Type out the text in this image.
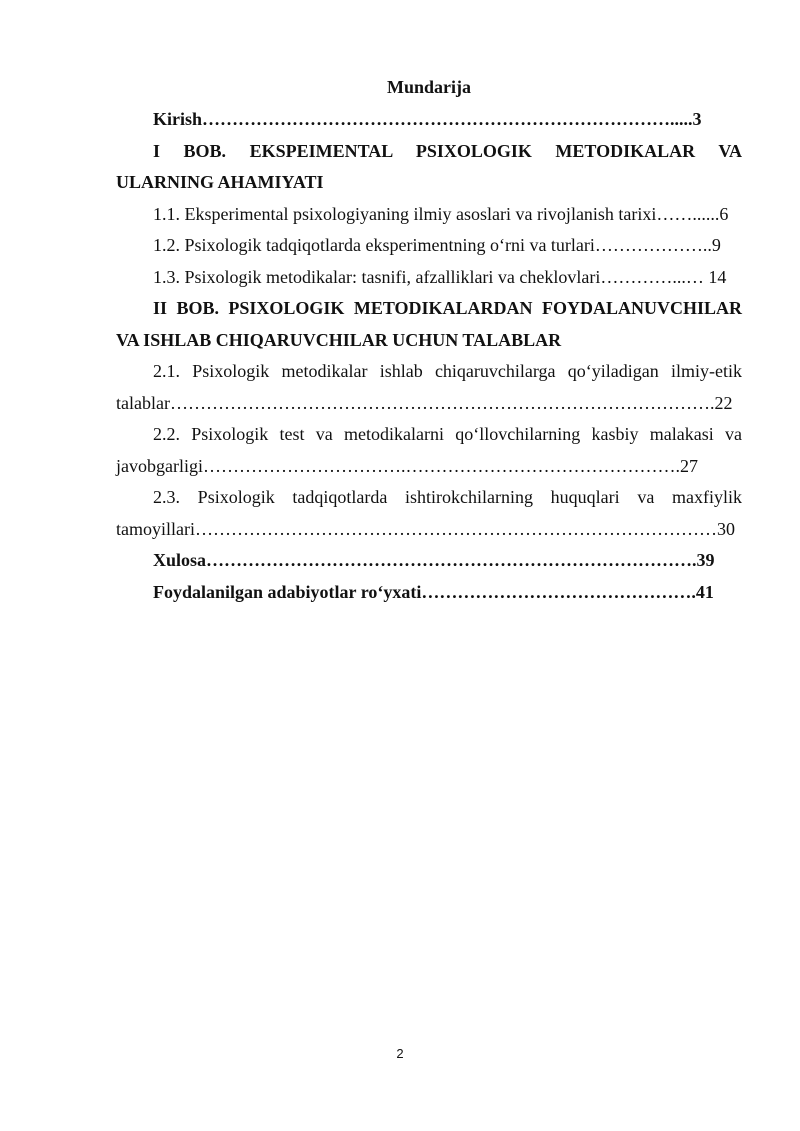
Mundarija

Kirish…………………………………………………………………….....3

I BOB. EKSPEIMENTAL PSIXOLOGIK METODIKALAR VA ULARNING AHAMIYATI

1.1. Eksperimental psixologiyaning ilmiy asoslari va rivojlanish tarixi……......6

1.2. Psixologik tadqiqotlarda eksperimentning o‘rni va turlari………………..9

1.3. Psixologik metodikalar: tasnifi, afzalliklari va cheklovlari…………...… 14

II BOB. PSIXOLOGIK METODIKALARDAN FOYDALANUVCHILAR VA ISHLAB CHIQARUVCHILAR UCHUN TALABLAR

2.1. Psixologik metodikalar ishlab chiqaruvchilarga qo‘yiladigan ilmiy-etik talablar……………………………………………………………………………….22

2.2. Psixologik test va metodikalarni qo‘llovchilarning kasbiy malakasi va javobgarligi…………………………….……………………………………….27

2.3. Psixologik tadqiqotlarda ishtirokchilarning huquqlari va maxfiylik tamoyillari……………………………………………………………………………30

Xulosa……………………………………………………………………….39

Foydalanilgan adabiyotlar ro‘yxati……………………………………….41

2
